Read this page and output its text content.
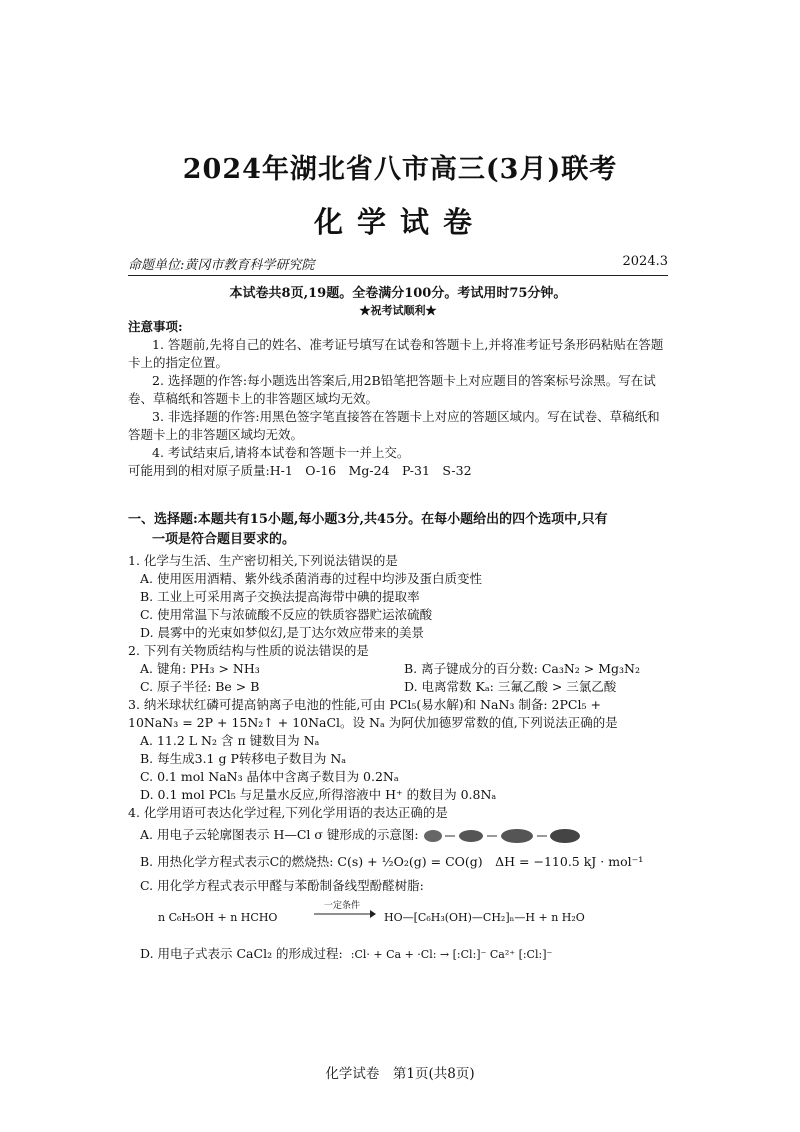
2024年湖北省八市高三(3月)联考
化学试卷
命题单位:黄冈市教育科学研究院	2024.3
本试卷共8页,19题。全卷满分100分。考试用时75分钟。
★祝考试顺利★
注意事项:
1. 答题前,先将自己的姓名、准考证号填写在试卷和答题卡上,并将准考证号条形码粘贴在答题卡上的指定位置。
2. 选择题的作答:每小题选出答案后,用2B铅笔把答题卡上对应题目的答案标号涂黑。写在试卷、草稿纸和答题卡上的非答题区域均无效。
3. 非选择题的作答:用黑色签字笔直接答在答题卡上对应的答题区域内。写在试卷、草稿纸和答题卡上的非答题区域均无效。
4. 考试结束后,请将本试卷和答题卡一并上交。
可能用到的相对原子质量:H-1　O-16　Mg-24　P-31　S-32
一、选择题:本题共有15小题,每小题3分,共45分。在每小题给出的四个选项中,只有
一项是符合题目要求的。
1. 化学与生活、生产密切相关,下列说法错误的是
A. 使用医用酒精、紫外线杀菌消毒的过程中均涉及蛋白质变性
B. 工业上可采用离子交换法提高海带中碘的提取率
C. 使用常温下与浓硫酸不反应的铁质容器贮运浓硫酸
D. 晨雾中的光束如梦似幻,是丁达尔效应带来的美景
2. 下列有关物质结构与性质的说法错误的是
A. 键角: PH₃ > NH₃	B. 离子键成分的百分数: Ca₃N₂ > Mg₃N₂
C. 原子半径: Be > B	D. 电离常数 Kₐ: 三氟乙酸 > 三氯乙酸
3. 纳米球状红磷可提高钠离子电池的性能,可由 PCl₅(易水解)和 NaN₃ 制备: 2PCl₅ +
10NaN₃ = 2P + 15N₂↑ + 10NaCl。设 Nₐ 为阿伏加德罗常数的值,下列说法正确的是
A. 11.2 L N₂ 含 π 键数目为 Nₐ
B. 每生成3.1 g P转移电子数目为 Nₐ
C. 0.1 mol NaN₃ 晶体中含离子数目为 0.2Nₐ
D. 0.1 mol PCl₅ 与足量水反应,所得溶液中 H⁺ 的数目为 0.8Nₐ
4. 化学用语可表达化学过程,下列化学用语的表达正确的是
A. 用电子云轮廓图表示 H—Cl σ 键形成的示意图:
B. 用热化学方程式表示C的燃烧热: C(s) + ½O₂(g) = CO(g)　ΔH = −110.5 kJ · mol⁻¹
C. 用化学方程式表示甲醛与苯酚制备线型酚醛树脂:
n C₆H₅OH + n HCHO
一定条件
HO—[C₆H₃(OH)—CH₂]ₙ—H + n H₂O
D. 用电子式表示 CaCl₂ 的形成过程: :Cl· + Ca + ·Cl: → [:Cl:]⁻ Ca²⁺ [:Cl:]⁻
化学试卷　第1页(共8页)
